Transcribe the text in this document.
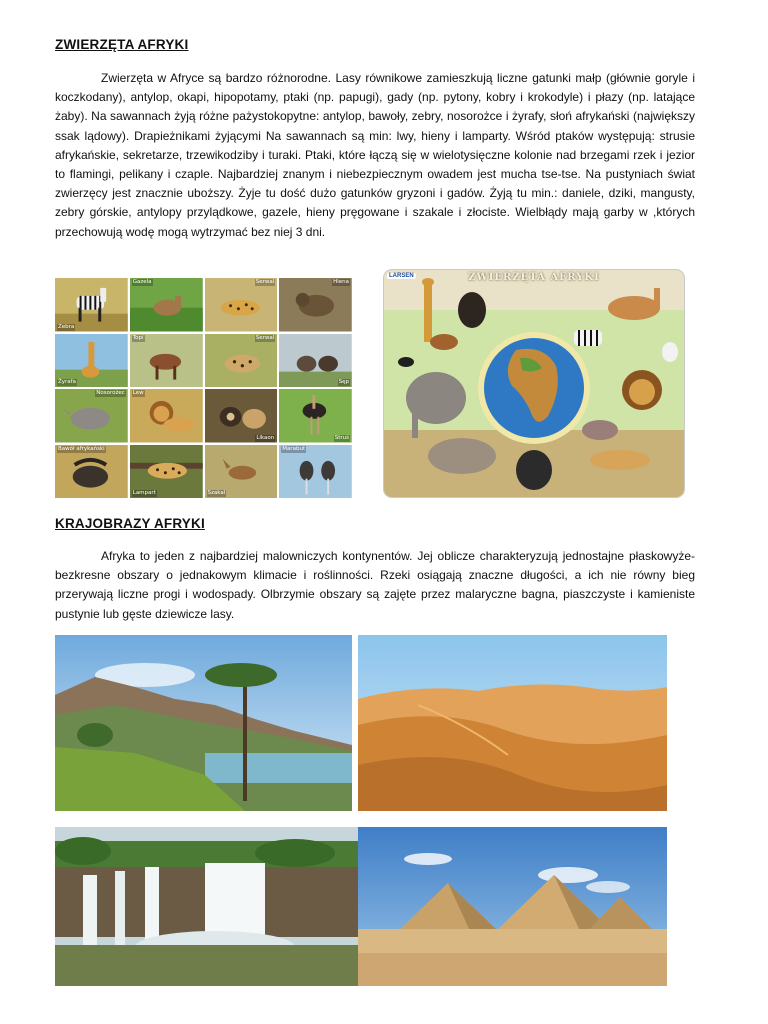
ZWIERZĘTA AFRYKI

Zwierzęta w Afryce są bardzo różnorodne. Lasy równikowe zamieszkują liczne gatunki małp (głównie goryle i koczkodany), antylop, okapi, hipopotamy, ptaki (np. papugi), gady (np. pytony, kobry i krokodyle) i płazy (np. latające żaby). Na sawannach żyją różne pażystokopytne: antylop, bawoły, zebry, nosorożce i żyrafy, słoń afrykański (największy ssak lądowy). Drapieżnikami żyjącymi Na sawannach są min: lwy, hieny i lamparty. Wśród ptaków występują: strusie afrykańskie, sekretarze, trzewikodziby i turaki. Ptaki, które łączą się w wielotysięczne kolonie nad brzegami rzek i jezior to flamingi, pelikany i czaple. Najbardziej znanym i niebezpiecznym owadem jest mucha tse-tse. Na pustyniach świat zwierzęcy jest znacznie uboższy. Żyje tu dość dużo gatunków gryzoni i gadów. Żyją tu min.: daniele, dziki, mangusty, zebry górskie, antylopy przylądkowe, gazele, hieny pręgowane i szakale i złociste. Wielbłądy mają garby w ,których przechowują wodę mogą wytrzymać bez niej 3 dni.

Zebra
Gazela	Serwal	Hiena
Żyrafa
Topi	Serwal
Sęp
Nosorożec Lew
Likaon	Struś
Bawół afrykański
Lampart	Szakal
Marabut
LARSEN	ZWIERZĘTA AFRYKI
KRAJOBRAZY AFRYKI

Afryka to jeden z najbardziej malowniczych kontynentów. Jej oblicze charakteryzują jednostajne płaskowyże-bezkresne obszary o jednakowym klimacie i roślinności. Rzeki osiągają znaczne długości, a ich nie równy bieg przerywają liczne progi i wodospady. Olbrzymie obszary są zajęte przez malaryczne bagna, piaszczyste i kamieniste pustynie lub gęste dziewicze lasy.
